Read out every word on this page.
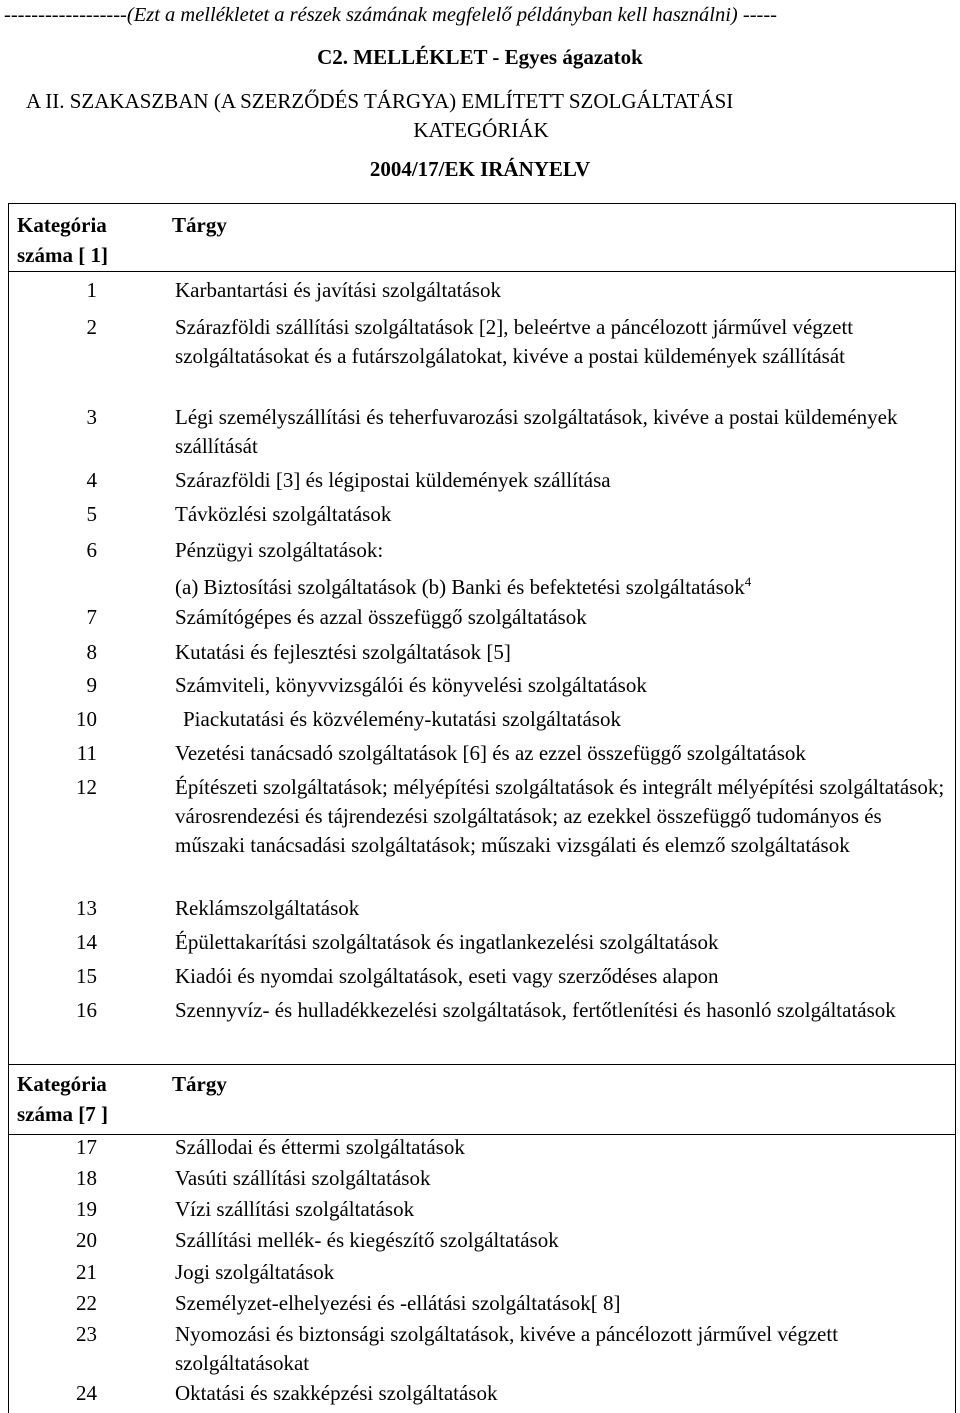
------------------(Ezt a mellékletet a részek számának megfelelő példányban kell használni) -----
C2. MELLÉKLET - Egyes ágazatok
A II. SZAKASZBAN (A SZERZŐDÉS TÁRGYA) EMLÍTETT SZOLGÁLTATÁSI
KATEGÓRIÁK
2004/17/EK IRÁNYELV
Kategória
száma [ 1]
Tárgy
1	Karbantartási és javítási szolgáltatások
2	Szárazföldi szállítási szolgáltatások [2], beleértve a páncélozott járművel végzett szolgáltatásokat és a futárszolgálatokat, kivéve a postai küldemények szállítását
3	Légi személyszállítási és teherfuvarozási szolgáltatások, kivéve a postai küldemények szállítását
4	Szárazföldi [3] és légipostai küldemények szállítása
5	Távközlési szolgáltatások
6	Pénzügyi szolgáltatások:
(a) Biztosítási szolgáltatások (b) Banki és befektetési szolgáltatások$^4$
7	Számítógépes és azzal összefüggő szolgáltatások
8	Kutatási és fejlesztési szolgáltatások [5]
9	Számviteli, könyvvizsgálói és könyvelési szolgáltatások
10	Piackutatási és közvélemény-kutatási szolgáltatások
11	Vezetési tanácsadó szolgáltatások [6] és az ezzel összefüggő szolgáltatások
12	Építészeti szolgáltatások; mélyépítési szolgáltatások és integrált mélyépítési szolgáltatások; városrendezési és tájrendezési szolgáltatások; az ezekkel összefüggő tudományos és műszaki tanácsadási szolgáltatások; műszaki vizsgálati és elemző szolgáltatások
13	Reklámszolgáltatások
14	Épülettakarítási szolgáltatások és ingatlankezelési szolgáltatások
15	Kiadói és nyomdai szolgáltatások, eseti vagy szerződéses alapon
16	Szennyvíz- és hulladékkezelési szolgáltatások, fertőtlenítési és hasonló szolgáltatások
Kategória
száma [7 ]
Tárgy
17	Szállodai és éttermi szolgáltatások
18	Vasúti szállítási szolgáltatások
19	Vízi szállítási szolgáltatások
20	Szállítási mellék- és kiegészítő szolgáltatások
21	Jogi szolgáltatások
22	Személyzet-elhelyezési és -ellátási szolgáltatások[ 8]
23	Nyomozási és biztonsági szolgáltatások, kivéve a páncélozott járművel végzett szolgáltatásokat
24	Oktatási és szakképzési szolgáltatások
